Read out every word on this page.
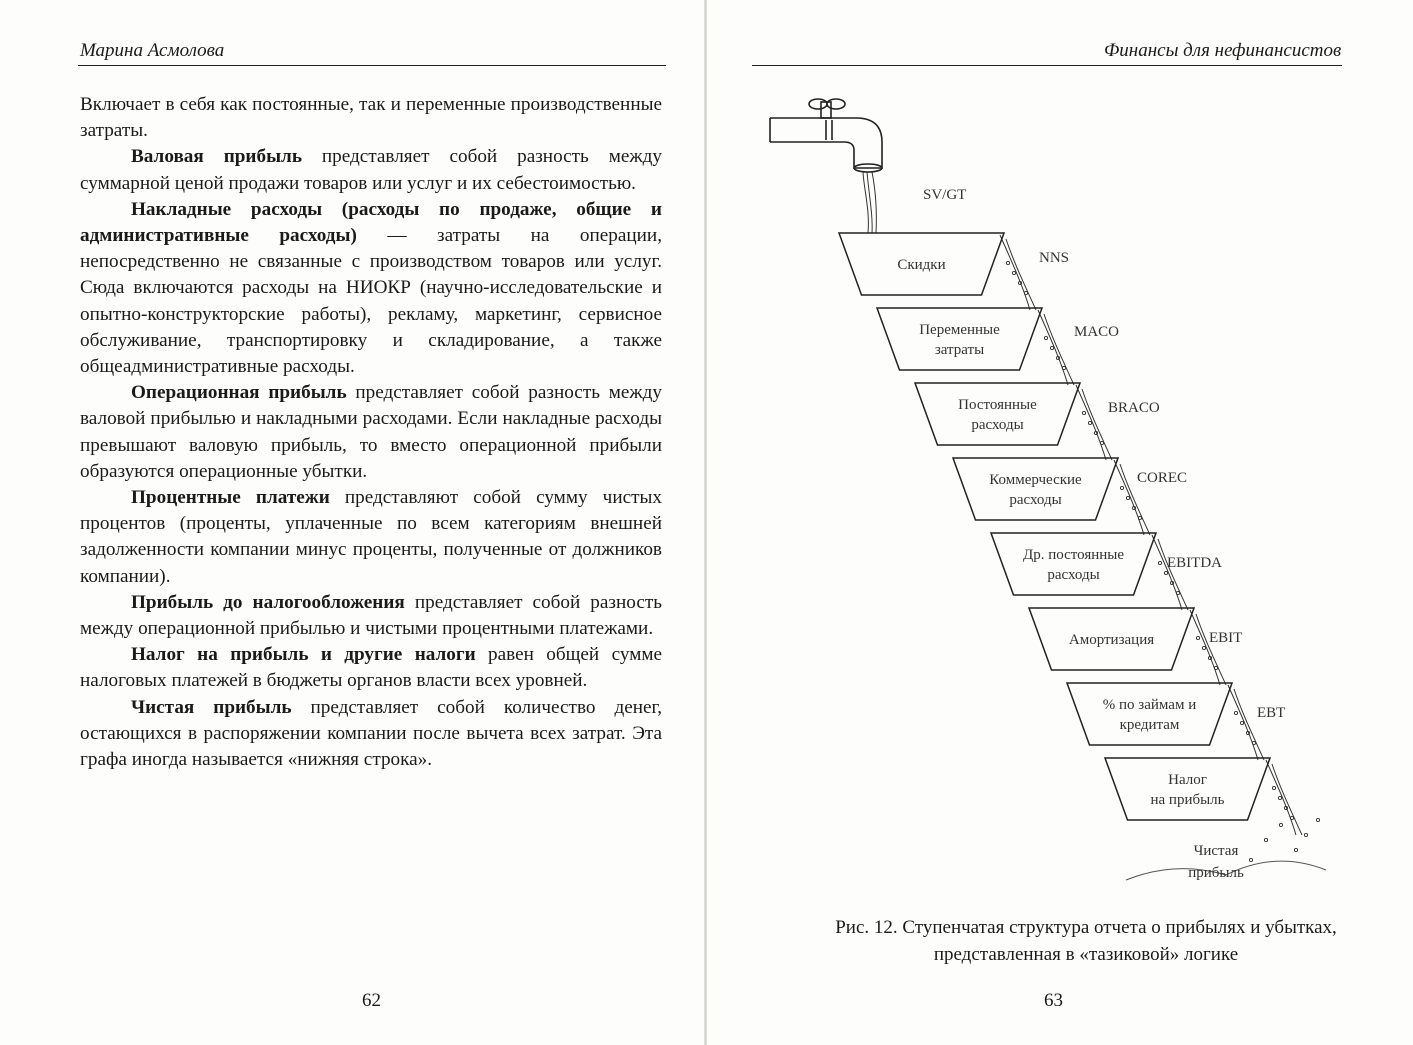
Марина Асмолова

Включает в себя как постоянные, так и переменные производственные затраты.

Валовая прибыль представляет собой разность между суммарной ценой продажи товаров или услуг и их себестоимостью.

Накладные расходы (расходы по продаже, общие и административные расходы) — затраты на операции, непосредственно не связанные с производством товаров или услуг. Сюда включаются расходы на НИОКР (научно-исследовательские и опытно-конструкторские работы), рекламу, маркетинг, сервисное обслуживание, транспортировку и складирование, а также общеадминистративные расходы.

Операционная прибыль представляет собой разность между валовой прибылью и накладными расходами. Если накладные расходы превышают валовую прибыль, то вместо операционной прибыли образуются операционные убытки.

Процентные платежи представляют собой сумму чистых процентов (проценты, уплаченные по всем категориям внешней задолженности компании минус проценты, полученные от должников компании).

Прибыль до налогообложения представляет собой разность между операционной прибылью и чистыми процентными платежами.

Налог на прибыль и другие налоги равен общей сумме налоговых платежей в бюджеты органов власти всех уровней.

Чистая прибыль представляет собой количество денег, остающихся в распоряжении компании после вычета всех затрат. Эта графа иногда называется «нижняя строка».

62
Финансы для нефинансистов
Скидки
Переменные
затраты
Постоянные
расходы
Коммерческие
расходы
Др. постоянные
расходы
Амортизация
% по займам и
кредитам
Налог
на прибыль
SV/GT
NNS
MACO
BRACO
COREC
EBITDA
EBIT
EBT
Чистая
прибыль
Рис. 12. Ступенчатая структура отчета о прибылях и убытках,
представленная в «тазиковой» логике
63
